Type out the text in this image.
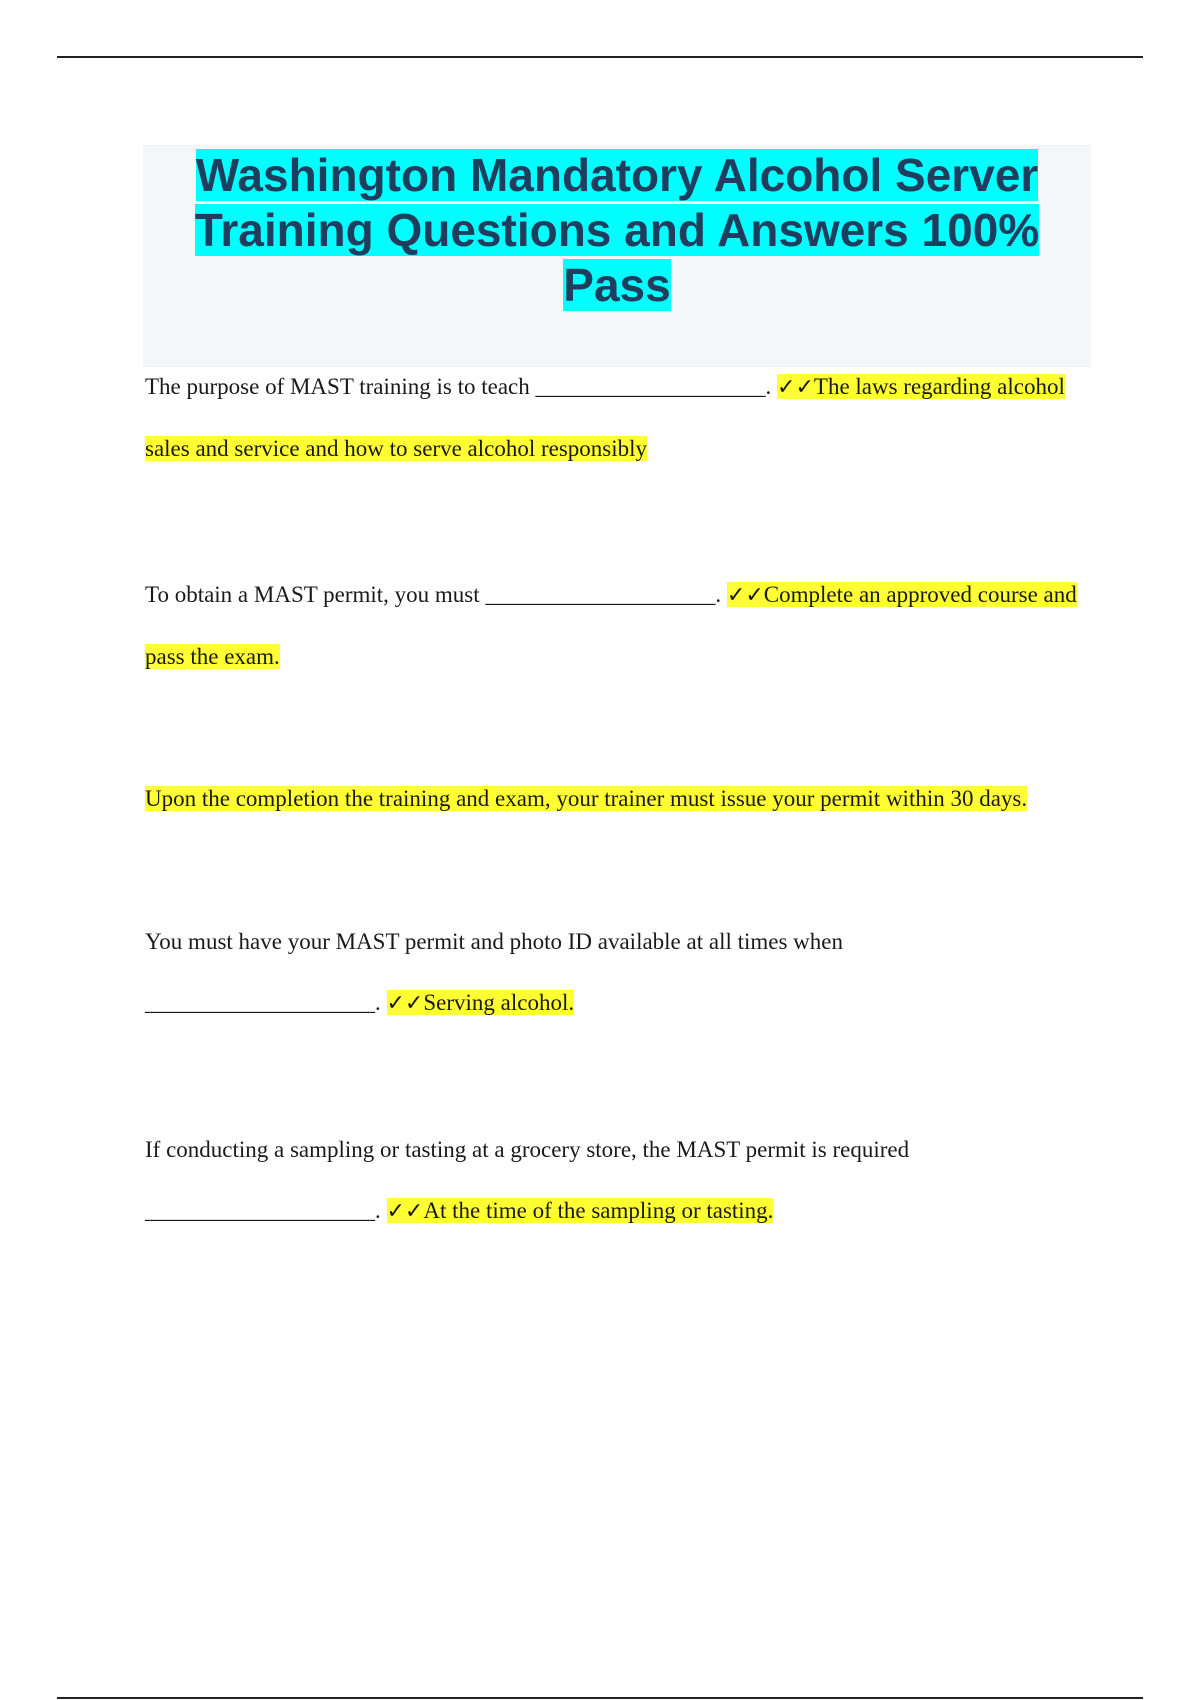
Washington Mandatory Alcohol Server Training Questions and Answers 100% Pass

The purpose of MAST training is to teach ____________________. ✓✓The laws regarding alcohol sales and service and how to serve alcohol responsibly

To obtain a MAST permit, you must ____________________. ✓✓Complete an approved course and pass the exam.

Upon the completion the training and exam, your trainer must issue your permit within 30 days.

You must have your MAST permit and photo ID available at all times when ____________________. ✓✓Serving alcohol.

If conducting a sampling or tasting at a grocery store, the MAST permit is required ____________________. ✓✓At the time of the sampling or tasting.
